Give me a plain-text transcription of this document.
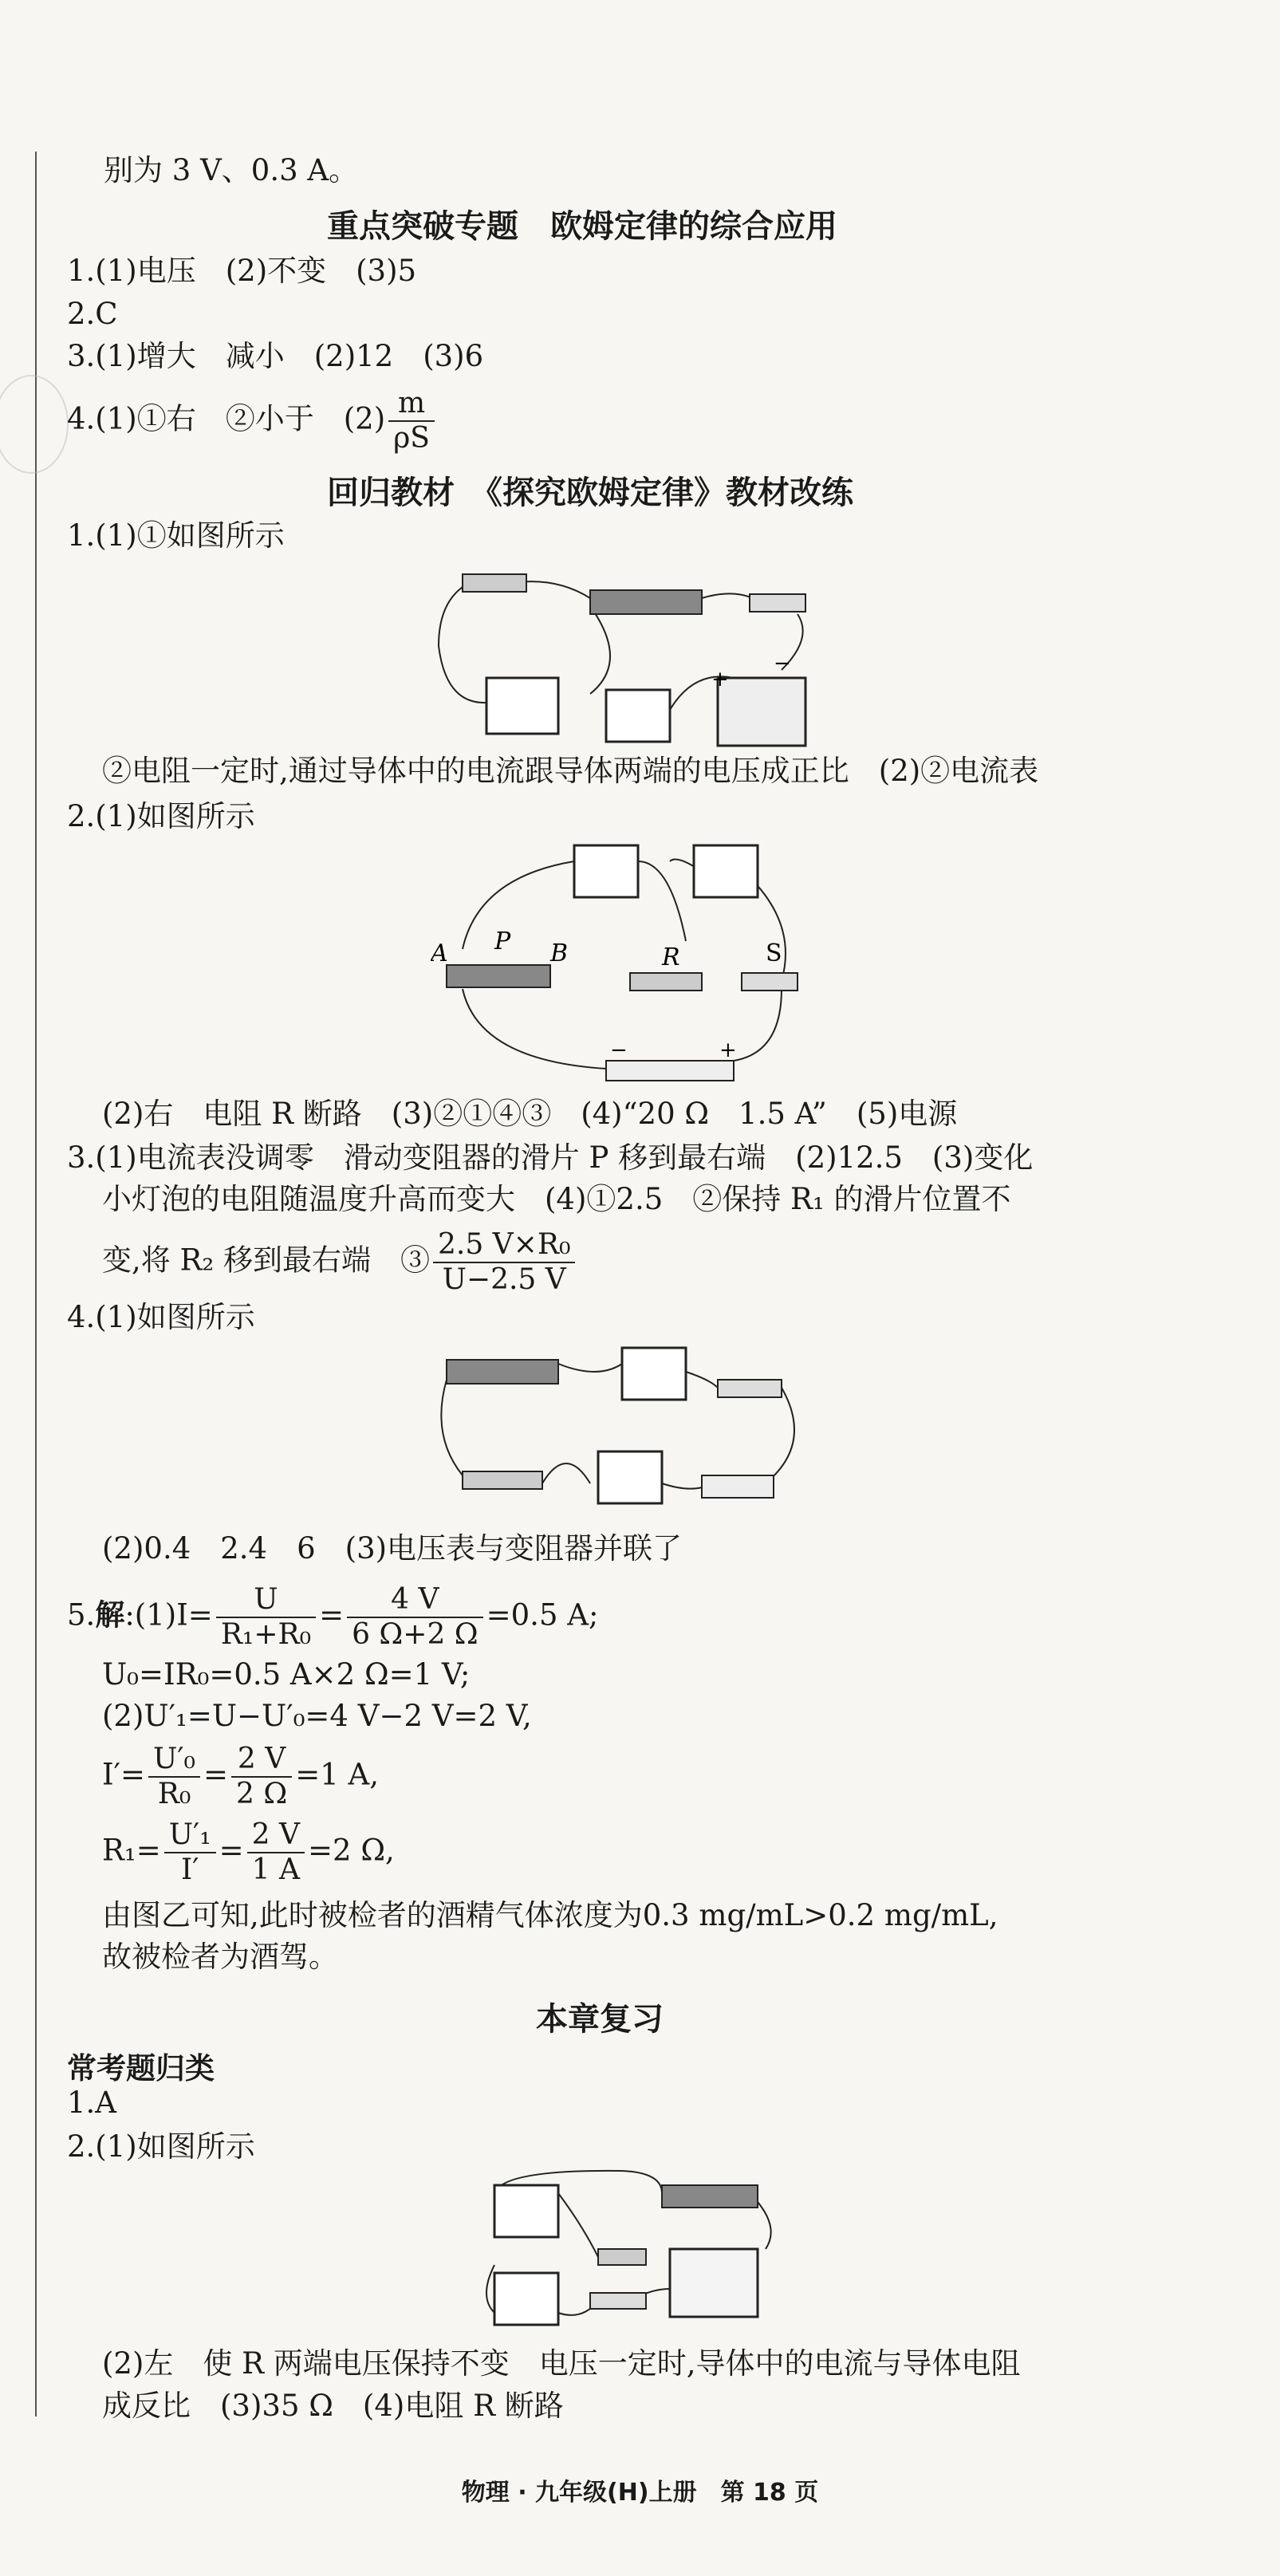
别为 3 V、0.3 A。
重点突破专题　欧姆定律的综合应用
1.(1)电压　(2)不变　(3)5
2.C
3.(1)增大　减小　(2)12　(3)6
4.(1)①右　②小于　$(2) \frac{m}{\rho S}$
回归教材　《探究欧姆定律》教材改练
1.(1)①如图所示
+
−
②电阻一定时,通过导体中的电流跟导体两端的电压成正比　(2)②电流表
2.(1)如图所示
A P B	R	S
−	+
(2)右　电阻 R 断路　(3)②①④③　(4)“20 Ω　1.5 A”　(5)电源
3.(1)电流表没调零　滑动变阻器的滑片 P 移到最右端　(2)12.5　(3)变化
小灯泡的电阻随温度升高而变大　(4)①2.5　②保持 R₁ 的滑片位置不
变,将 R₂ 移到最右端　③ $\frac{\text{2.5 V×R₀}}{U-2.5 V}$
4.(1)如图所示
(2)0.4　2.4　6　(3)电压表与变阻器并联了
5.解:(1)I= $\frac{U}{\text{R₁+R₀}} = \frac{4 V}{6 \Omega+2 \Omega} =0.5$ A;
U₀=IR₀=0.5 A×2 Ω=1 V;
(2)U′₁=U−U′₀=4 V−2 V=2 V,
$I'= \frac{\text{U′₀}}{\text{R₀}} = \frac{2 V}{2 \Omega} =1$ A,
$R_1= \frac{\text{U′₁}}{I'} = \frac{2 V}{1 A} =2$ Ω,
由图乙可知,此时被检者的酒精气体浓度为0.3 mg/mL>0.2 mg/mL,
故被检者为酒驾。
本章复习
常考题归类
1.A
2.(1)如图所示
(2)左　使 R 两端电压保持不变　电压一定时,导体中的电流与导体电阻
成反比　(3)35 Ω　(4)电阻 R 断路
物理 · 九年级(H)上册　第 18 页
